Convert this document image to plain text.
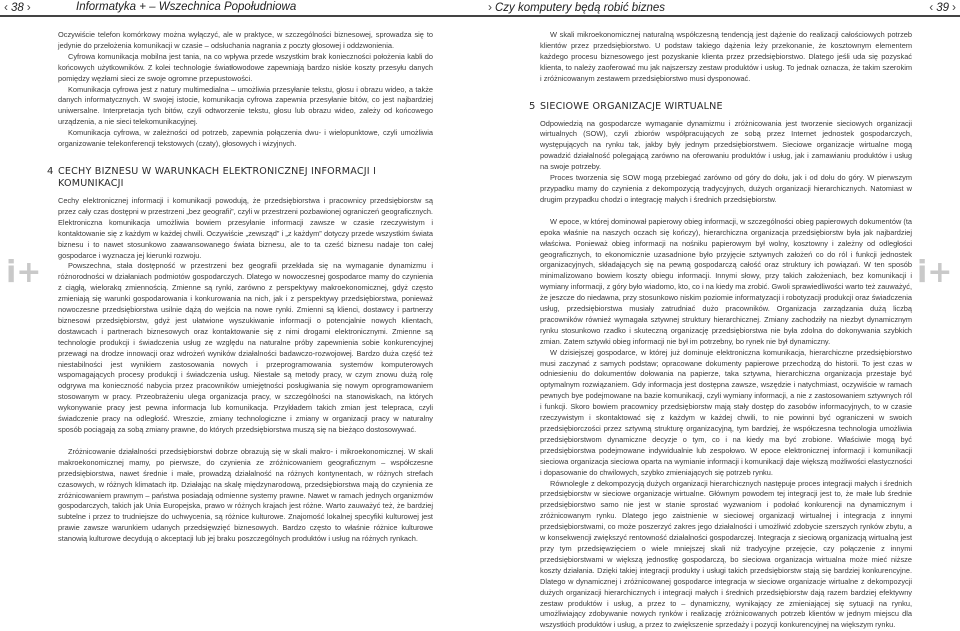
‹ 38 ›	Informatyka + – Wszechnica Popołudniowa	› Czy komputery będą robić biznes	‹ 39 ›
i+	i+

Oczywiście telefon komórkowy można wyłączyć, ale w praktyce, w szczególności biznesowej, sprowadza się to jedynie do przełożenia komunikacji w czasie – odsłuchania nagrania z poczty głosowej i oddzwonienia.

Cyfrowa komunikacja mobilna jest tania, na co wpływa przede wszystkim brak konieczności położenia kabli do końcowych użytkowników. Z kolei technologie światłowodowe zapewniają bardzo niskie koszty przesyłu danych pomiędzy węzłami sieci ze swoje ogromne przepustowości.

Komunikacja cyfrowa jest z natury multimedialna – umożliwia przesyłanie tekstu, głosu i obrazu wideo, a także danych informatycznych. W swojej istocie, komunikacja cyfrowa zapewnia przesyłanie bitów, co jest najbardziej uniwersalne. Interpretacja tych bitów, czyli odtworzenie tekstu, głosu lub obrazu wideo, zależy od końcowego urządzenia, a nie sieci telekomunikacyjnej.

Komunikacja cyfrowa, w zależności od potrzeb, zapewnia połączenia dwu- i wielopunktowe, czyli umożliwia organizowanie telekonferencji tekstowych (czaty), głosowych i wizyjnych.

4 CECHY BIZNESU W WARUNKACH ELEKTRONICZNEJ INFORMACJI I KOMUNIKACJI

Cechy elektronicznej informacji i komunikacji powodują, że przedsiębiorstwa i pracownicy przedsiębiorstw są przez cały czas dostępni w przestrzeni „bez geografii”, czyli w przestrzeni pozbawionej ograniczeń geograficznych. Elektroniczna komunikacja umożliwia bowiem przesyłanie informacji zawsze w czasie rzeczywistym i kontaktowanie się z każdym w każdej chwili. Oczywiście „zewsząd” i „z każdym” dotyczy przede wszystkim świata biznesu i to nawet stosunkowo zaawansowanego świata biznesu, ale to ta cześć biznesu nadaje ton całej gospodarce i wyznacza jej kierunki rozwoju.

Powszechna, stała dostępność w przestrzeni bez geografii przekłada się na wymaganie dynamizmu i różnorodności w działaniach podmiotów gospodarczych. Dlatego w nowoczesnej gospodarce mamy do czynienia z ciągłą, wielorakq zmiennością. Zmienne są rynki, zarówno z perspektywy makroekonomicznej, gdyż często zmieniają się warunki gospodarowania i konkurowania na nich, jak i z perspektywy przedsiębiorstwa, ponieważ nowoczesne przedsiębiorstwa usilnie dążą do wejścia na nowe rynki. Zmienni są klienci, dostawcy i partnerzy biznesowi przedsiębiorstw, gdyż jest ułatwione wyszukiwanie informacji o potencjalnie nowych klientach, dostawcach i partnerach biznesowych oraz kontaktowanie się z nimi drogami elektronicznymi. Zmienne są technologie produkcji i świadczenia usług ze względu na naturalne próby zapewnienia sobie konkurencyjnej przewagi na drodze innowacji oraz wdrożeń wyników działalności badawczo-rozwojowej. Bardzo duża część też niestabilności jest wynikiem zastosowania nowych i przeprogramowania systemów komputerowych wspomagających procesy produkcji i świadczenia usług. Niestałe są metody pracy, w czym znowu dużą rolę odgrywa ma konieczność nabycia przez pracowników umiejętności posługiwania się nowym oprogramowaniem stosowanym w pracy. Przeobrażeniu ulega organizacja pracy, w szczególności na stanowiskach, na których wykonywanie pracy jest pewna informacja lub komunikacja. Przykładem takich zmian jest telepraca, czyli świadczenie pracy na odległość. Wreszcie, zmiany technologiczne i zmiany w organizacji pracy w naturalny sposób pociągają za sobą zmiany prawne, do których przedsiębiorstwa muszą się na bieżąco dostosowywać.

Zróżnicowanie działalności przedsiębiorstwi dobrze obrazują się w skali makro- i mikroekonomicznej. W skali makroekonomicznej mamy, po pierwsze, do czynienia ze zróżnicowaniem geograficznym – współczesne przedsiębiorstwa, nawet średnie i małe, prowadzą działalność na różnych kontynentach, w różnych strefach czasowych, w różnych klimatach itp. Działając na skalę międzynarodową, przedsiębiorstwa mają do czynienia ze zróżnicowaniem prawnym – państwa posiadają odmienne systemy prawne. Nawet w ramach jednych organizmów gospodarczych, takich jak Unia Europejska, prawo w różnych krajach jest różne. Warto zauważyć też, że bardziej subtelne i przez to trudniejsze do uchwycenia, są różnice kulturowe. Znajomość lokalnej specyfiki kulturowej jest prawie zawsze warunkiem udanych przedsięwzięć biznesowych. Bardzo często to właśnie różnice kulturowe stanowią kulturowe decydują o akceptacji lub jej braku poszczególnych produktów i usług na różnych rynkach.

W skali mikroekonomicznej naturalną współczesną tendencją jest dążenie do realizacji całościowych potrzeb klientów przez przedsiębiorstwo. U podstaw takiego dążenia leży przekonanie, że kosztownym elementem każdego procesu biznesowego jest pozyskanie klienta przez przedsiębiorstwo. Dlatego jeśli uda się pozyskać klienta, to należy zaoferować mu jak najszerszy zestaw produktów i usług. To jednak oznacza, że takim szerokim i zróżnicowanym zestawem przedsiębiorstwo musi dysponować.

5 SIECIOWE ORGANIZACJE WIRTUALNE

Odpowiedzią na gospodarcze wymaganie dynamizmu i zróżnicowania jest tworzenie sieciowych organizacji wirtualnych (SOW), czyli zbiorów współpracujących ze sobą przez Internet jednostek gospodarczych, występujących na rynku tak, jakby były jednym przedsiębiorstwem. Sieciowe organizacje wirtualne mogą powadzić działalność polegającą zarówno na oferowaniu produktów i usług, jak i zamawianiu produktów i usług na swoje potrzeby.

Proces tworzenia się SOW mogą przebiegać zarówno od góry do dołu, jak i od dołu do góry. W pierwszym przypadku mamy do czynienia z dekompozycją tradycyjnych, dużych organizacji hierarchicznych. Natomiast w drugim przypadku chodzi o integrację małych i średnich przedsiębiorstw.

W epoce, w której dominował papierowy obieg informacji, w szczególności obieg papierowych dokumentów (ta epoka właśnie na naszych oczach się kończy), hierarchiczna organizacja przedsiębiorstw była jak najbardziej właściwa. Ponieważ obieg informacji na nośniku papierowym był wolny, kosztowny i zależny od odległości geograficznych, to ekonomicznie uzasadnione było przyjęcie sztywnych założeń co do ról i funkcji jednostek organizacyjnych, składających się na pewną gospodarczą całość oraz struktury ich powiązań. W ten sposób minimalizowano bowiem koszty obiegu informacji. Innymi słowy, przy takich założeniach, bez komunikacji i wymiany informacji, z góry było wiadomo, kto, co i na kiedy ma zrobić. Gwoli sprawiedliwości warto też zauważyć, że jeszcze do niedawna, przy stosunkowo niskim poziomie informatyzacji i robotyzacji produkcji oraz świadczenia usług, przedsiębiorstwa musiały zatrudniać dużo pracowników. Organizacja zarządzania dużą liczbą pracowników również wymagała sztywnej struktury hierarchicznej. Zmiany zachodziły na niezbyt dynamicznym rynku stosunkowo rzadko i skuteczną organizację przedsiębiorstwa nie była zdolna do dokonywania szybkich zmian. Zatem sztywki obieg informacji nie był im potrzebny, bo rynek nie był dynamiczny.

W dzisiejszej gospodarce, w której już dominuje elektroniczna komunikacja, hierarchiczne przedsiębiorstwo musi zaczynać z samych podstaw; opracowane dokumenty papierowe przechodzą do historii. To jest czas w odniesieniu do dokumentów dołowania na papierze, taka sztywna, hierarchiczna organizacja przestaje być optymalnym rozwiązaniem. Gdy informacja jest dostępna zawsze, wszędzie i natychmiast, oczywiście w ramach pewnych bye podejmowane na bazie komunikacji, czyli wymiany informacji, a nie z zastosowaniem sztywnych ról i funkcji. Skoro bowiem pracownicy przedsiębiorstw mają stały dostęp do zasobów informacyjnych, to w czasie rzeczywistym i skontaktować się z każdym w każdej chwili, to nie powinni być ograniczeni w swoich przedsiębiorczości przez sztywną strukturę organizacyjną, tym bardziej, że współczesna technologia umożliwia przedsiębiorstwom dynamiczne decyzje o tym, co i na kiedy ma być zrobione. Właściwie mogą być przedsiębiorstwa podejmowane indywidualnie lub zespołowo. W epoce elektronicznej informacji i komunikacji sieciowa organizacja sieciowa oparta na wymianie informacji i komunikacji daje większą możliwości elastyczności i dopasowanie do chwilowych, szybko zmieniających się potrzeb rynku.

Równolegle z dekompozycją dużych organizacji hierarchicznych następuje proces integracji małych i średnich przedsiębiorstw w sieciowe organizacje wirtualne. Głównym powodem tej integracji jest to, że małe lub średnie przedsiębiorstwo samo nie jest w stanie sprostać wyzwaniom i podołać konkurencji na dynamicznym i zróżnicowanym rynku. Dlatego jego zaistnienie w sieciowej organizacji wirtualnej i integracja z innymi przedsiębiorstwami, co może poszerzyć zakres jego działalności i umożliwić zdobycie szerszych rynków zbytu, a w konsekwencji zwiększyć rentowność działalności gospodarczej. Integracja z sieciową organizacją wirtualną jest przy tym przedsięwzięciem o wiele mniejszej skali niż tradycyjne przejęcie, czy połączenie z innymi przedsiębiorstwami w większą jednostkę gospodarczą, bo sieciowa organizacja wirtualna może mieć niższe koszty działania. Dzięki takiej integracji produkty i usługi takich przedsiębiorstw stają się bardziej konkurencyjne. Dlatego w dynamicznej i zróżnicowanej gospodarce integracja w sieciowe organizacje wirtualne z dekompozycji dużych organizacji hierarchicznych i integracji małych i średnich przedsiębiorstw dają razem bardziej efektywny zestaw produktów i usług, a przez to – dynamiczny, wynikający ze zmieniającej się sytuacji na rynku, umożliwiający zdobywanie nowych rynków i realizację zróżnicowanych potrzeb klientów w jednym miejscu dla wszystkich produktów i usług, a przez to zwiększenie sprzedaży i pozycji konkurencyjnej na większym rynku.
